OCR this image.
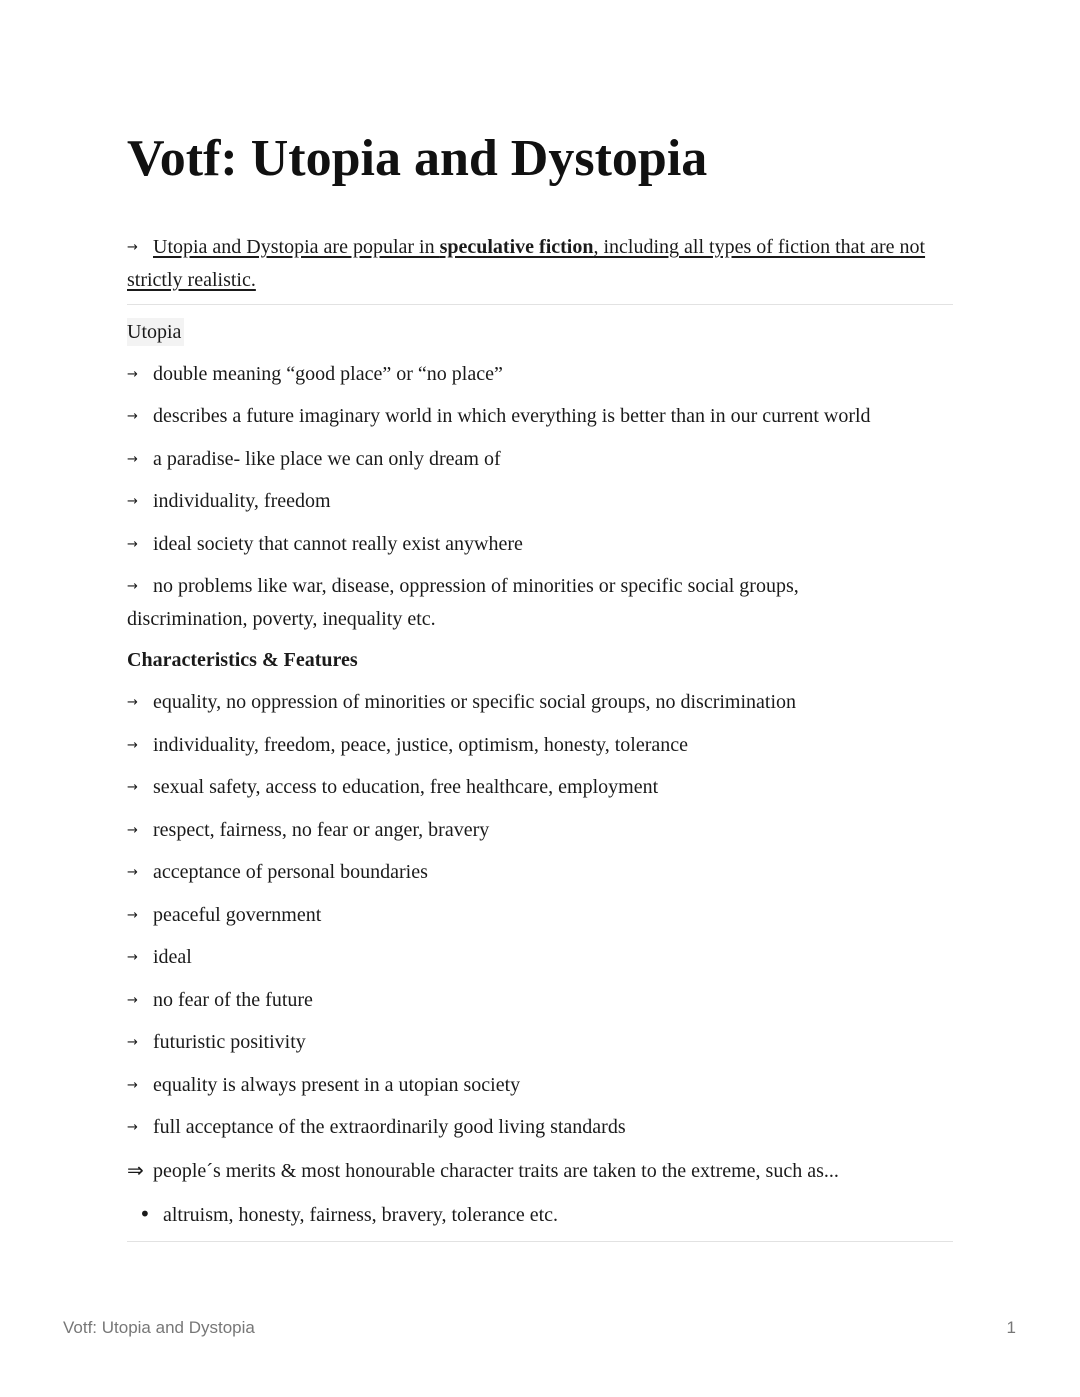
Votf: Utopia and Dystopia
→ Utopia and Dystopia are popular in speculative fiction, including all types of fiction that are not strictly realistic.
Utopia
→ double meaning “good place” or “no place”
→ describes a future imaginary world in which everything is better than in our current world
→ a paradise- like place we can only dream of
→ individuality, freedom
→ ideal society that cannot really exist anywhere
→ no problems like war, disease, oppression of minorities or specific social groups, discrimination, poverty, inequality etc.
Characteristics & Features
→ equality, no oppression of minorities or specific social groups, no discrimination
→ individuality, freedom, peace, justice, optimism, honesty, tolerance
→ sexual safety, access to education, free healthcare, employment
→ respect, fairness, no fear or anger, bravery
→ acceptance of personal boundaries
→ peaceful government
→ ideal
→ no fear of the future
→ futuristic positivity
→ equality is always present in a utopian society
→ full acceptance of the extraordinarily good living standards
⇒ people´s merits & most honourable character traits are taken to the extreme, such as...
• altruism, honesty, fairness, bravery, tolerance etc.
Votf: Utopia and Dystopia	1
